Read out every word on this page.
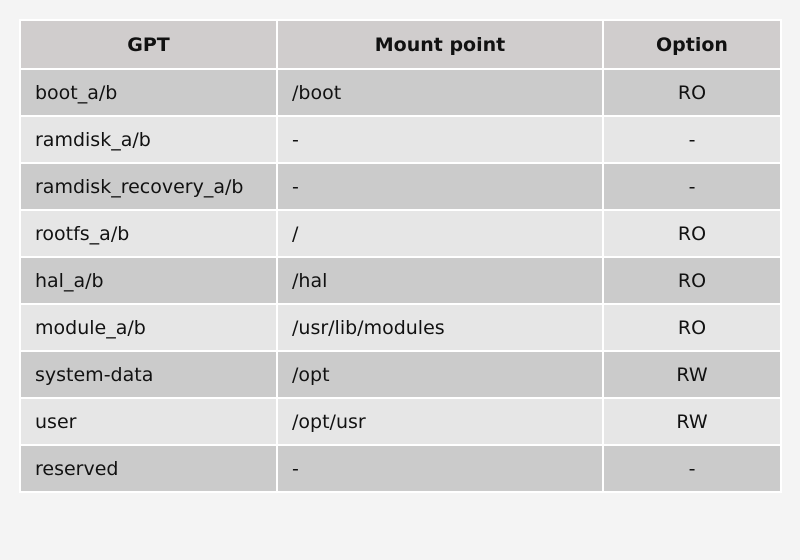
GPT	Mount point	Option
boot_a/b	/boot	RO
ramdisk_a/b	-	-
ramdisk_recovery_a/b	-	-
rootfs_a/b	/	RO
hal_a/b	/hal	RO
module_a/b	/usr/lib/modules	RO
system-data	/opt	RW
user	/opt/usr	RW
reserved	-	-
